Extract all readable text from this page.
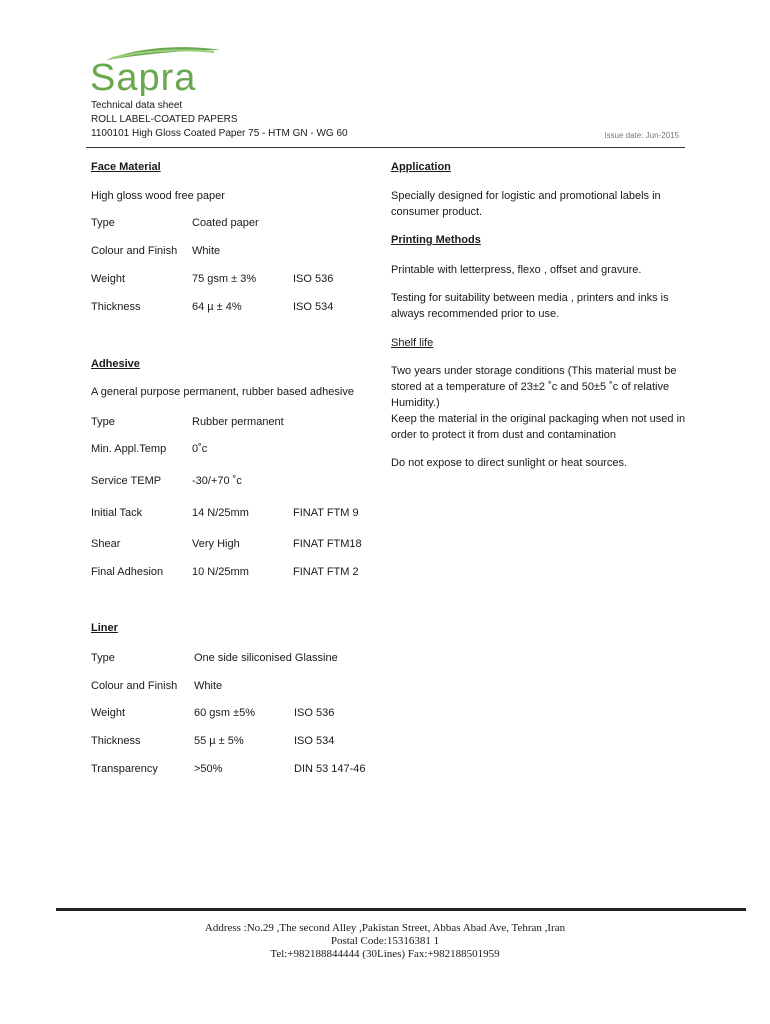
Sapra
Technical data sheet
ROLL LABEL-COATED PAPERS
1100101 High Gloss Coated Paper 75 - HTM GN - WG 60	Issue date: Jun-2015
Face Material
High gloss wood free paper
Type	Coated paper
Colour and Finish White
Weight	75 gsm ± 3%	ISO 536
Thickness	64 µ ± 4%	ISO 534
Adhesive
A general purpose permanent, rubber based adhesive
Type	Rubber permanent
Min. Appl.Temp 0˚c
Service TEMP	-30/+70 ˚c
Initial Tack	14 N/25mm	FINAT FTM 9
Shear	Very High	FINAT FTM18
Final Adhesion	10 N/25mm	FINAT FTM 2
Liner
Type	One side siliconised Glassine
Colour and Finish White
Weight	60 gsm ±5%	ISO 536
Thickness	55 µ ± 5%	ISO 534
Transparency	>50%	DIN 53 147-46
Application
Specially designed for logistic and promotional labels in consumer product.
Printing Methods
Printable with letterpress, flexo , offset and gravure.
Testing for suitability between media , printers and inks is always recommended prior to use.
Shelf life
Two years under storage conditions (This material must be stored at a temperature of 23±2 ˚c and 50±5 ˚c of relative Humidity.)
Keep the material in the original packaging when not used in order to protect it from dust and contamination
Do not expose to direct sunlight or heat sources.
Address :No.29 ,The second Alley ,Pakistan Street, Abbas Abad Ave, Tehran ,Iran
Postal Code:15316381 1
Tel:+982188844444 (30Lines) Fax:+982188501959
